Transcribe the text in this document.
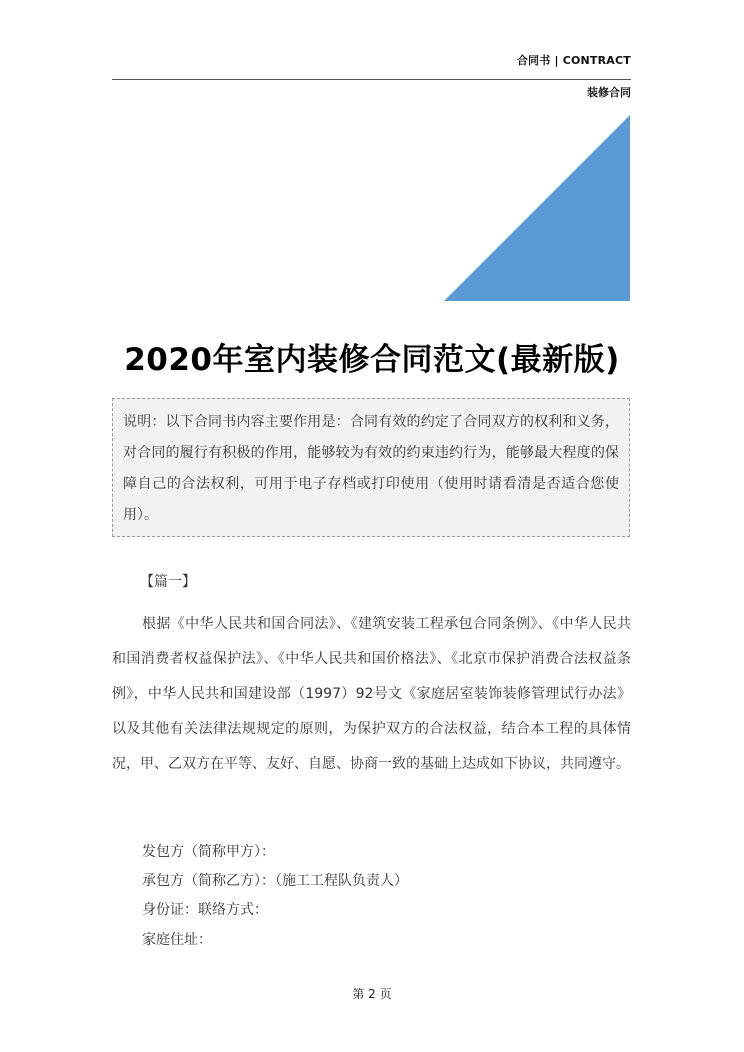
合同书 | CONTRACT
装修合同
2020年室内装修合同范文(最新版)
说明：以下合同书内容主要作用是：合同有效的约定了合同双方的权利和义务，对合同的履行有积极的作用，能够较为有效的约束违约行为，能够最大程度的保障自己的合法权利，可用于电子存档或打印使用（使用时请看清是否适合您使用）。
【篇一】

根据《中华人民共和国合同法》、《建筑安装工程承包合同条例》、《中华人民共和国消费者权益保护法》、《中华人民共和国价格法》、《北京市保护消费合法权益条例》，中华人民共和国建设部（1997）92号文《家庭居室装饰装修管理试行办法》以及其他有关法律法规规定的原则，为保护双方的合法权益，结合本工程的具体情况，甲、乙双方在平等、友好、自愿、协商一致的基础上达成如下协议，共同遵守。

发包方（简称甲方）：
承包方（简称乙方）：（施工工程队负责人）
身份证：联络方式：
家庭住址：
第 2 页
